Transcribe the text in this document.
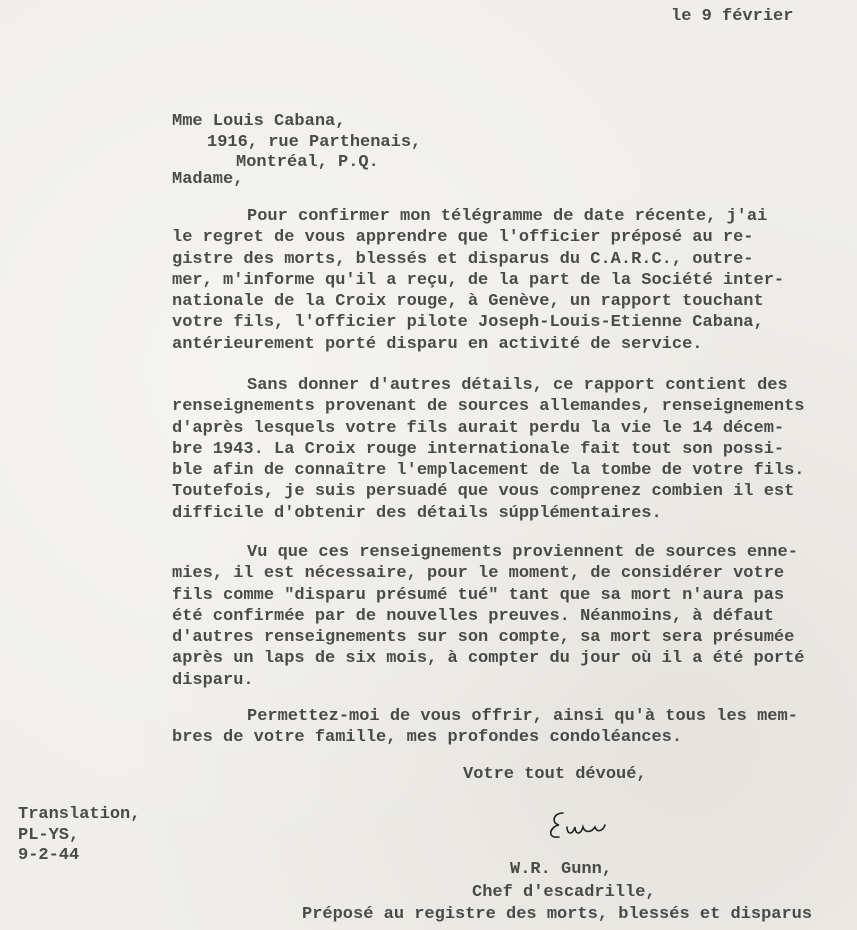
le 9 février
Mme Louis Cabana,
1916, rue Parthenais,
Montréal, P.Q.
Madame,
Pour confirmer mon télégramme de date récente, j'ai
le regret de vous apprendre que l'officier préposé au re-
gistre des morts, blessés et disparus du C.A.R.C., outre-
mer, m'informe qu'il a reçu, de la part de la Société inter-
nationale de la Croix rouge, à Genève, un rapport touchant
votre fils, l'officier pilote Joseph-Louis-Etienne Cabana,
antérieurement porté disparu en activité de service.
Sans donner d'autres détails, ce rapport contient des
renseignements provenant de sources allemandes, renseignements
d'après lesquels votre fils aurait perdu la vie le 14 décem-
bre 1943. La Croix rouge internationale fait tout son possi-
ble afin de connaître l'emplacement de la tombe de votre fils.
Toutefois, je suis persuadé que vous comprenez combien il est
difficile d'obtenir des détails súpplémentaires.
Vu que ces renseignements proviennent de sources enne-
mies, il est nécessaire, pour le moment, de considérer votre
fils comme "disparu présumé tué" tant que sa mort n'aura pas
été confirmée par de nouvelles preuves. Néanmoins, à défaut
d'autres renseignements sur son compte, sa mort sera présumée
après un laps de six mois, à compter du jour où il a été porté
disparu.
Permettez-moi de vous offrir, ainsi qu'à tous les mem-
bres de votre famille, mes profondes condoléances.
Votre tout dévoué,
Translation,
PL-YS,
9-2-44
W.R. Gunn,
Chef d'escadrille,
Préposé au registre des morts, blessés et disparus
